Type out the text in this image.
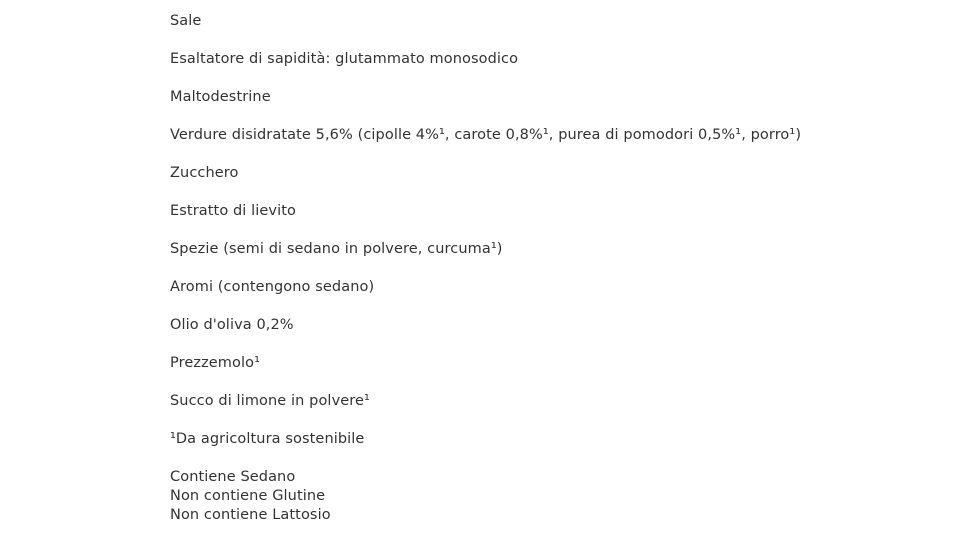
Sale
Esaltatore di sapidità: glutammato monosodico
Maltodestrine
Verdure disidratate 5,6% (cipolle 4%¹, carote 0,8%¹, purea di pomodori 0,5%¹, porro¹)
Zucchero
Estratto di lievito
Spezie (semi di sedano in polvere, curcuma¹)
Aromi (contengono sedano)
Olio d'oliva 0,2%
Prezzemolo¹
Succo di limone in polvere¹
¹Da agricoltura sostenibile
Contiene Sedano
Non contiene Glutine
Non contiene Lattosio
